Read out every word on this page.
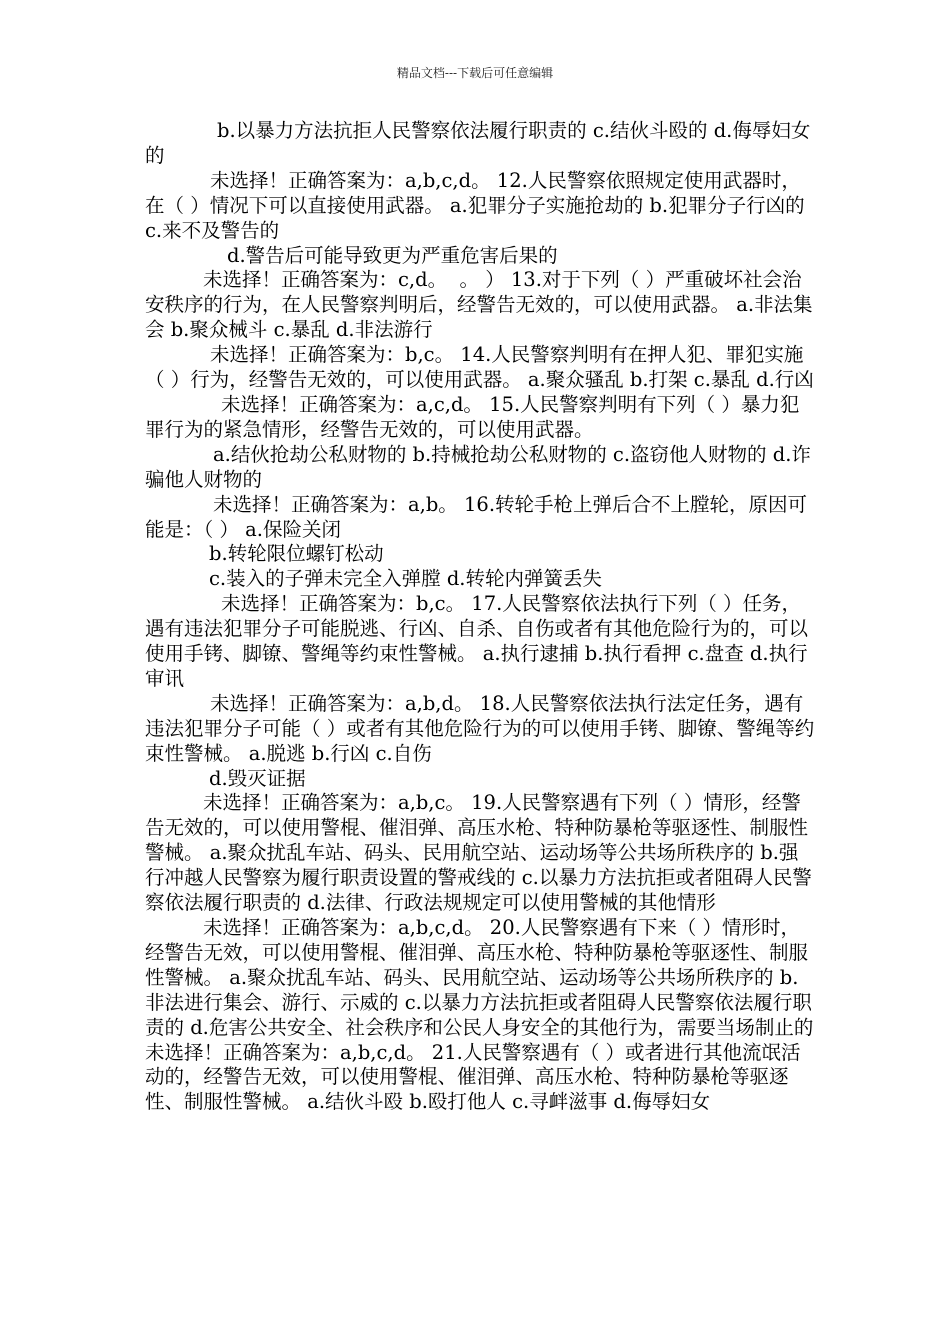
精品文档---下载后可任意编辑

b.以暴力方法抗拒人民警察依法履行职责的 c.结伙斗殴的 d.侮辱妇女的

未选择！正确答案为：a,b,c,d。 12.人民警察依照规定使用武器时，在（ ）情况下可以直接使用武器。 a.犯罪分子实施抢劫的 b.犯罪分子行凶的 c.来不及警告的

d.警告后可能导致更为严重危害后果的

未选择！正确答案为：c,d。  。 ） 13.对于下列（ ）严重破坏社会治安秩序的行为，在人民警察判明后，经警告无效的，可以使用武器。 a.非法集会 b.聚众械斗 c.暴乱 d.非法游行

未选择！正确答案为：b,c。 14.人民警察判明有在押人犯、罪犯实施（ ）行为，经警告无效的，可以使用武器。 a.聚众骚乱 b.打架 c.暴乱 d.行凶

未选择！正确答案为：a,c,d。 15.人民警察判明有下列（ ）暴力犯罪行为的紧急情形，经警告无效的，可以使用武器。

a.结伙抢劫公私财物的 b.持械抢劫公私财物的 c.盗窃他人财物的 d.诈骗他人财物的

未选择！正确答案为：a,b。 16.转轮手枪上弹后合不上膛轮，原因可能是：（ ） a.保险关闭

b.转轮限位螺钉松动

c.装入的子弹未完全入弹膛 d.转轮内弹簧丢失

未选择！正确答案为：b,c。 17.人民警察依法执行下列（ ）任务，遇有违法犯罪分子可能脱逃、行凶、自杀、自伤或者有其他危险行为的，可以使用手铐、脚镣、警绳等约束性警械。 a.执行逮捕 b.执行看押 c.盘查 d.执行审讯

未选择！正确答案为：a,b,d。 18.人民警察依法执行法定任务，遇有违法犯罪分子可能（ ）或者有其他危险行为的可以使用手铐、脚镣、警绳等约束性警械。 a.脱逃 b.行凶 c.自伤

d.毁灭证据

未选择！正确答案为：a,b,c。 19.人民警察遇有下列（ ）情形，经警告无效的，可以使用警棍、催泪弹、高压水枪、特种防暴枪等驱逐性、制服性警械。 a.聚众扰乱车站、码头、民用航空站、运动场等公共场所秩序的 b.强行冲越人民警察为履行职责设置的警戒线的 c.以暴力方法抗拒或者阻碍人民警察依法履行职责的 d.法律、行政法规规定可以使用警械的其他情形

未选择！正确答案为：a,b,c,d。 20.人民警察遇有下来（ ）情形时，经警告无效，可以使用警棍、催泪弹、高压水枪、特种防暴枪等驱逐性、制服性警械。 a.聚众扰乱车站、码头、民用航空站、运动场等公共场所秩序的 b.非法进行集会、游行、示威的 c.以暴力方法抗拒或者阻碍人民警察依法履行职责的 d.危害公共安全、社会秩序和公民人身安全的其他行为，需要当场制止的 未选择！正确答案为：a,b,c,d。 21.人民警察遇有（ ）或者进行其他流氓活动的，经警告无效，可以使用警棍、催泪弹、高压水枪、特种防暴枪等驱逐性、制服性警械。 a.结伙斗殴 b.殴打他人 c.寻衅滋事 d.侮辱妇女
